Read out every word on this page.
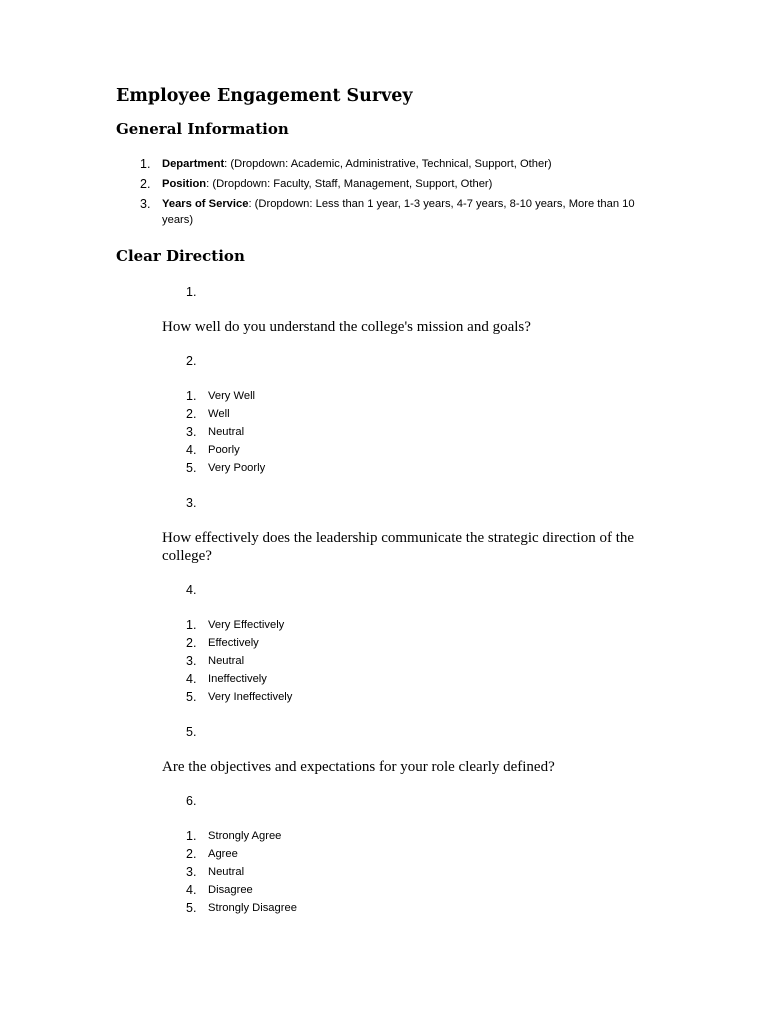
Employee Engagement Survey
General Information
1. Department: (Dropdown: Academic, Administrative, Technical, Support, Other)
2. Position: (Dropdown: Faculty, Staff, Management, Support, Other)
3. Years of Service: (Dropdown: Less than 1 year, 1-3 years, 4-7 years, 8-10 years, More than 10 years)
Clear Direction
1.
How well do you understand the college's mission and goals?
2.
1. Very Well
2. Well
3. Neutral
4. Poorly
5. Very Poorly
3.
How effectively does the leadership communicate the strategic direction of the college?
4.
1. Very Effectively
2. Effectively
3. Neutral
4. Ineffectively
5. Very Ineffectively
5.
Are the objectives and expectations for your role clearly defined?
6.
1. Strongly Agree
2. Agree
3. Neutral
4. Disagree
5. Strongly Disagree
